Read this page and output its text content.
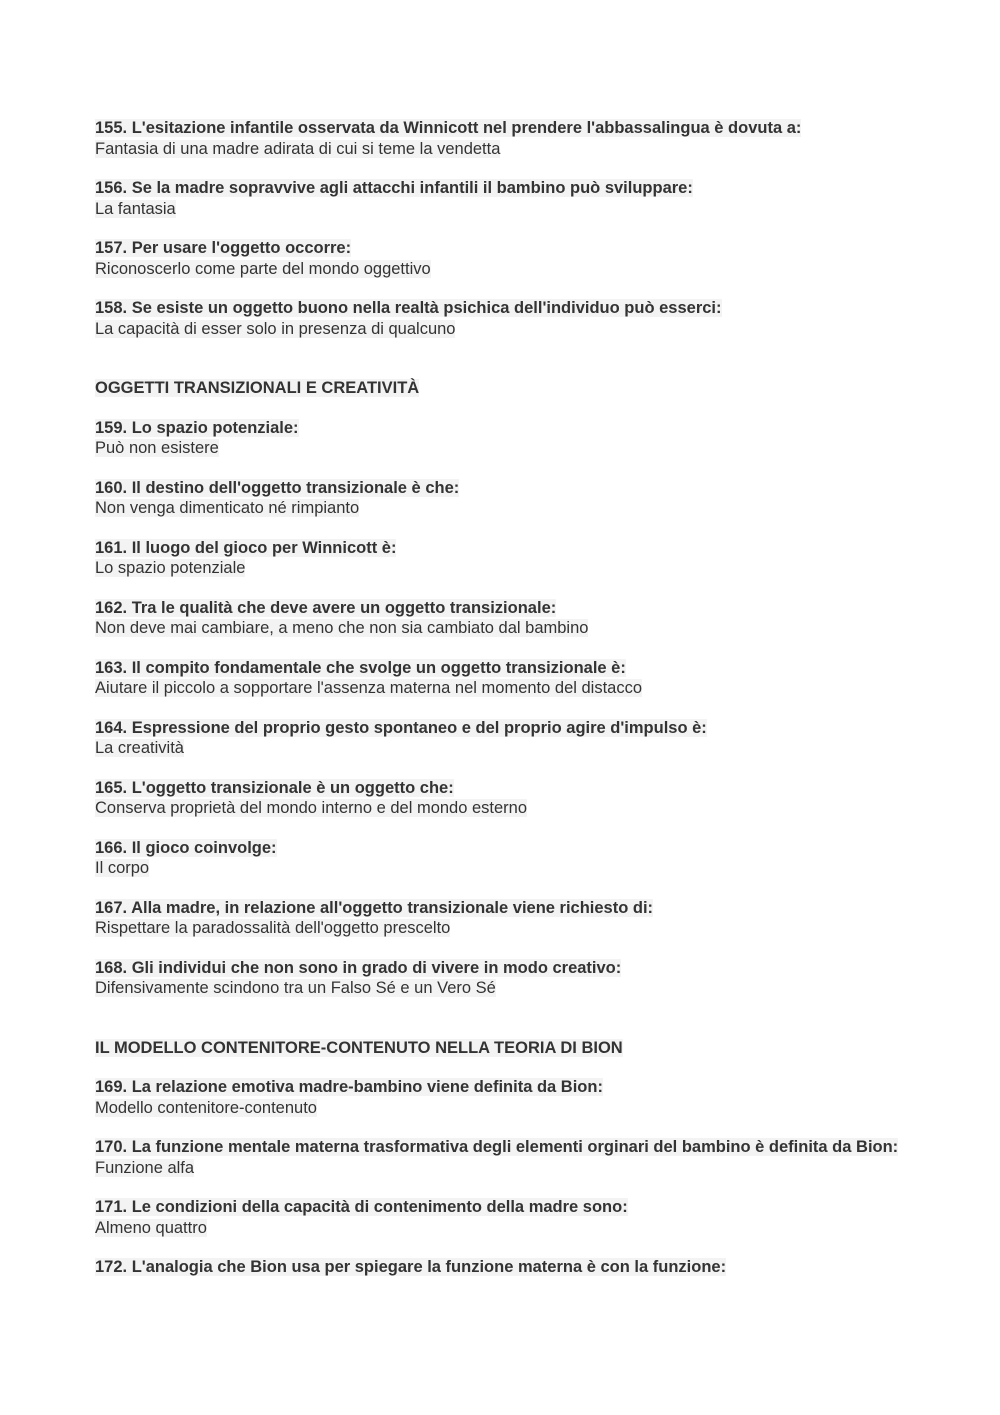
155. L'esitazione infantile osservata da Winnicott nel prendere l'abbassalingua è dovuta a:
Fantasia di una madre adirata di cui si teme la vendetta
156. Se la madre sopravvive agli attacchi infantili il bambino può sviluppare:
La fantasia
157. Per usare l'oggetto occorre:
Riconoscerlo come parte del mondo oggettivo
158. Se esiste un oggetto buono nella realtà psichica dell'individuo può esserci:
La capacità di esser solo in presenza di qualcuno
OGGETTI TRANSIZIONALI E CREATIVITÀ
159. Lo spazio potenziale:
Può non esistere
160. Il destino dell'oggetto transizionale è che:
Non venga dimenticato né rimpianto
161. Il luogo del gioco per Winnicott è:
Lo spazio potenziale
162. Tra le qualità che deve avere un oggetto transizionale:
Non deve mai cambiare, a meno che non sia cambiato dal bambino
163. Il compito fondamentale che svolge un oggetto transizionale è:
Aiutare il piccolo a sopportare l'assenza materna nel momento del distacco
164. Espressione del proprio gesto spontaneo e del proprio agire d'impulso è:
La creatività
165. L'oggetto transizionale è un oggetto che:
Conserva proprietà del mondo interno e del mondo esterno
166. Il gioco coinvolge:
Il corpo
167. Alla madre, in relazione all'oggetto transizionale viene richiesto di:
Rispettare la paradossalità dell'oggetto prescelto
168. Gli individui che non sono in grado di vivere in modo creativo:
Difensivamente scindono tra un Falso Sé e un Vero Sé
IL MODELLO CONTENITORE-CONTENUTO NELLA TEORIA DI BION
169. La relazione emotiva madre-bambino viene definita da Bion:
Modello contenitore-contenuto
170. La funzione mentale materna trasformativa degli elementi orginari del bambino è definita da Bion:
Funzione alfa
171. Le condizioni della capacità di contenimento della madre sono:
Almeno quattro
172. L'analogia che Bion usa per spiegare la funzione materna è con la funzione:
